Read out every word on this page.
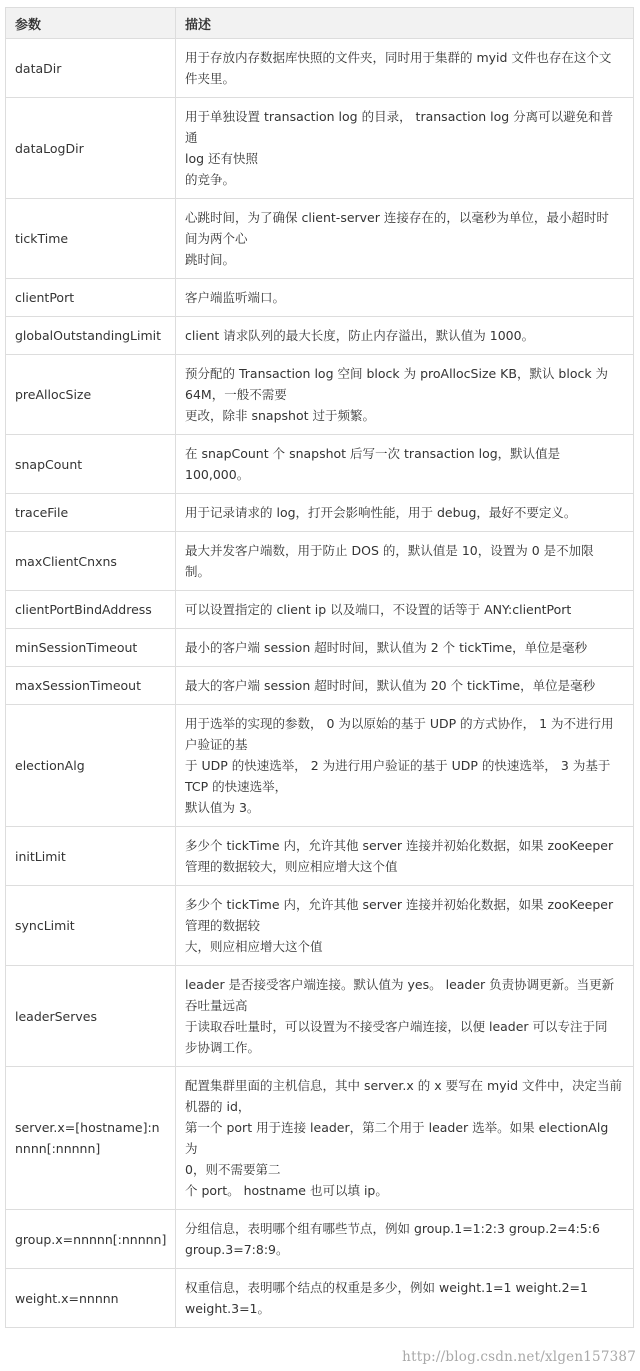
参数	描述
dataDir	用于存放内存数据库快照的文件夹，同时用于集群的 myid 文件也存在这个文
件夹里。

dataLogDir	用于单独设置 transaction log 的目录， transaction log 分离可以避免和普通
log 还有快照
的竞争。

tickTime	心跳时间，为了确保 client-server 连接存在的，以毫秒为单位，最小超时时
间为两个心
跳时间。

clientPort	客户端监听端口。

globalOutstandingLimit	client 请求队列的最大长度，防止内存溢出，默认值为 1000。

preAllocSize	预分配的 Transaction log 空间 block 为 proAllocSize KB，默认 block 为
64M，一般不需要
更改，除非 snapshot 过于频繁。

snapCount	在 snapCount 个 snapshot 后写一次 transaction log，默认值是 100,000。

traceFile	用于记录请求的 log，打开会影响性能，用于 debug，最好不要定义。

maxClientCnxns	最大并发客户端数，用于防止 DOS 的，默认值是 10，设置为 0 是不加限
制。

clientPortBindAddress	可以设置指定的 client ip 以及端口，不设置的话等于 ANY:clientPort

minSessionTimeout	最小的客户端 session 超时时间，默认值为 2 个 tickTime，单位是毫秒

maxSessionTimeout	最大的客户端 session 超时时间，默认值为 20 个 tickTime，单位是毫秒

electionAlg	用于选举的实现的参数， 0 为以原始的基于 UDP 的方式协作， 1 为不进行用
户验证的基
于 UDP 的快速选举， 2 为进行用户验证的基于 UDP 的快速选举， 3 为基于
TCP 的快速选举，
默认值为 3。

initLimit	多少个 tickTime 内，允许其他 server 连接并初始化数据，如果 zooKeeper
管理的数据较大，则应相应增大这个值

syncLimit	多少个 tickTime 内，允许其他 server 连接并初始化数据，如果 zooKeeper
管理的数据较
大，则应相应增大这个值

leaderServes	leader 是否接受客户端连接。默认值为 yes。 leader 负责协调更新。当更新
吞吐量远高
于读取吞吐量时，可以设置为不接受客户端连接，以便 leader 可以专注于同
步协调工作。

server.x=[hostname]:nnnnn[:nnnnn]	配置集群里面的主机信息，其中 server.x 的 x 要写在 myid 文件中，决定当前
机器的 id，
第一个 port 用于连接 leader，第二个用于 leader 选举。如果 electionAlg 为
0，则不需要第二
个 port。 hostname 也可以填 ip。

group.x=nnnnn[:nnnnn]	分组信息，表明哪个组有哪些节点，例如 group.1=1:2:3 group.2=4:5:6
group.3=7:8:9。

weight.x=nnnnn	权重信息，表明哪个结点的权重是多少，例如 weight.1=1 weight.2=1
weight.3=1。
http://blog.csdn.net/xlgen157387
